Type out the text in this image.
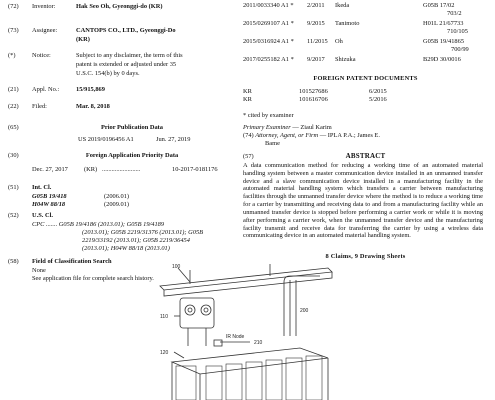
(72)	Inventor:	Hak Seo Oh, Gyeonggi-do (KR)
(73)	Assignee:	CANTOPS CO., LTD., Gyeonggi-Do
(KR)
(*)	Notice:	Subject to any disclaimer, the term of this
patent is extended or adjusted under 35
U.S.C. 154(b) by 0 days.
(21)	Appl. No.:	15/915,869
(22)	Filed:	Mar. 8, 2018
(65)	Prior Publication Data
US 2019/0196456 A1	Jun. 27, 2019
(30)	Foreign Application Priority Data
Dec. 27, 2017	(KR) ........................	10-2017-0181176
(51)	Int. Cl.
G05B 19/418	(2006.01)
H04W 88/18	(2009.01)
(52)	U.S. Cl.
CPC ....... G05B 19/4186 (2013.01); G05B 19/4189
(2013.01); G05B 2219/31376 (2013.01); G05B
2219/33192 (2013.01); G05B 2219/36454
(2013.01); H04W 88/18 (2013.01)
(58)	Field of Classification Search
None
See application file for complete search history.
2011/0033340 A1 * 2/2011 Ikeda	G05B 17/02
703/2
2015/0269107 A1 * 9/2015 Tanimoto	H01L 21/67733
710/105
2015/0316924 A1 * 11/2015 Oh	G05B 19/41865
700/99
2017/0255182 A1 * 9/2017 Shizuka	B29D 30/0016
FOREIGN PATENT DOCUMENTS
KR	101527686	6/2015
KR	101616706	5/2016
* cited by examiner
Primary Examiner — Ziaul Karim
(74) Attorney, Agent, or Firm — IPLA P.A.; James E.
Bame
(57)	ABSTRACT
A data communication method for reducing a working time of an automated material handling system between a master communication device installed in an unmanned transfer device and a slave communication device installed in a manufacturing facility in the automated material handling system which transfers a carrier between manufacturing facilities through the unmanned transfer device where the method is to reduce a working time for a carrier by transmitting and receiving data to and from a manufacturing facility while an unmanned transfer device is stopped before performing a carrier work or while it is moving after performing a carrier work, when the unmanned transfer device and the manufacturing facility transmit and receive data for transferring the carrier by using a wireless data communicating device in an automated material handling system.
8 Claims, 9 Drawing Sheets
100
110
120
200
210
IR Node
